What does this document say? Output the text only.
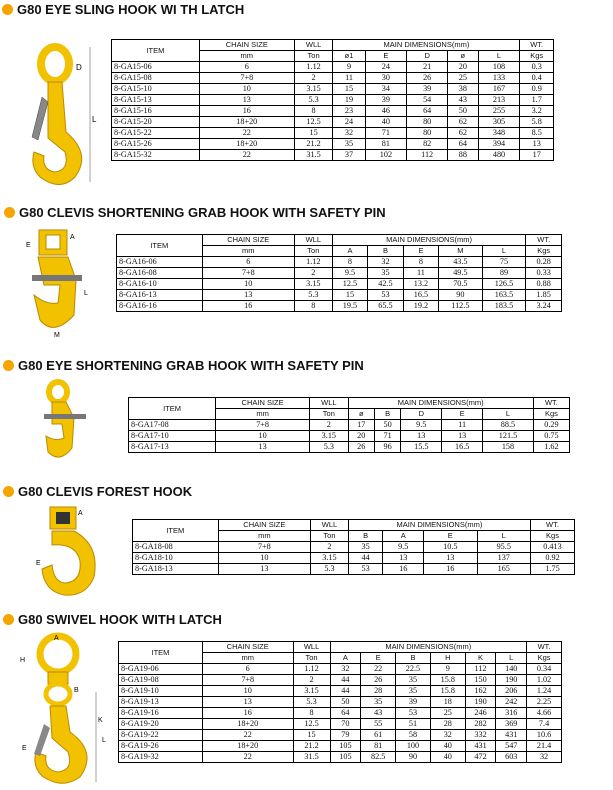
G80 EYE SLING HOOK WI TH LATCH
D
L
ITEM	CHAIN SIZE	WLL	MAIN DIMENSIONS(mm)					WT.
	mm	Ton	ø1	E	D	ø	L	Kgs
8-GA15-06	6	1.12	9	24	21	20	108	0.3
8-GA15-08	7+8	2	11	30	26	25	133	0.4
8-GA15-10	10	3.15	15	34	39	38	167	0.9
8-GA15-13	13	5.3	19	39	54	43	213	1.7
8-GA15-16	16	8	23	46	64	50	255	3.2
8-GA15-20	18+20	12.5	24	40	80	62	305	5.8
8-GA15-22	22	15	32	71	80	62	348	8.5
8-GA15-26	18+20	21.2	35	81	82	64	394	13
8-GA15-32	22	31.5	37	102	112	88	480	17
G80 CLEVIS SHORTENING GRAB HOOK WITH SAFETY PIN
E
A
M
L
ITEM	CHAIN SIZE	WLL	MAIN DIMENSIONS(mm)					WT.
	mm	Ton	A	B	E	M	L	Kgs
8-GA16-06	6	1.12	8	32	8	43.5	75	0.28
8-GA16-08	7+8	2	9.5	35	11	49.5	89	0.33
8-GA16-10	10	3.15	12.5	42.5	13.2	70.5	126.5	0.88
8-GA16-13	13	5.3	15	53	16.5	90	163.5	1.85
8-GA16-16	16	8	19.5	65.5	19.2	112.5	183.5	3.24
G80 EYE SHORTENING GRAB HOOK WITH SAFETY PIN
ITEM	CHAIN SIZE	WLL	MAIN DIMENSIONS(mm)					WT.
	mm	Ton	ø	B	D	E	L	Kgs
8-GA17-08	7+8	2	17	50	9.5	11	88.5	0.29
8-GA17-10	10	3.15	20	71	13	13	121.5	0.75
8-GA17-13	13	5.3	26	96	15.5	16.5	158	1.62
G80 CLEVIS FOREST HOOK
A
E
ITEM	CHAIN SIZE	WLL	MAIN DIMENSIONS(mm)				WT.
	mm	Ton	B	A	E	L	Kgs
8-GA18-08	7+8	2	35	9.5	10.5	95.5	0.413
8-GA18-10	10	3.15	44	13	13	137	0.92
8-GA18-13	13	5.3	53	16	16	165	1.75
G80 SWIVEL HOOK WITH LATCH
A
H
B
K
L
E
ITEM	CHAIN SIZE	WLL	MAIN DIMENSIONS(mm)						WT.
	mm	Ton	A	E	B	H	K	L	Kgs
8-GA19-06	6	1.12	32	22	22.5	9	112	140	0.34
8-GA19-08	7+8	2	44	26	35	15.8	150	190	1.02
8-GA19-10	10	3.15	44	28	35	15.8	162	206	1.24
8-GA19-13	13	5.3	50	35	39	18	190	242	2.25
8-GA19-16	16	8	64	43	53	25	246	316	4.66
8-GA19-20	18+20	12.5	70	55	51	28	282	369	7.4
8-GA19-22	22	15	79	61	58	32	332	431	10.6
8-GA19-26	18+20	21.2	105	81	100	40	431	547	21.4
8-GA19-32	22	31.5	105	82.5	90	40	472	603	32
